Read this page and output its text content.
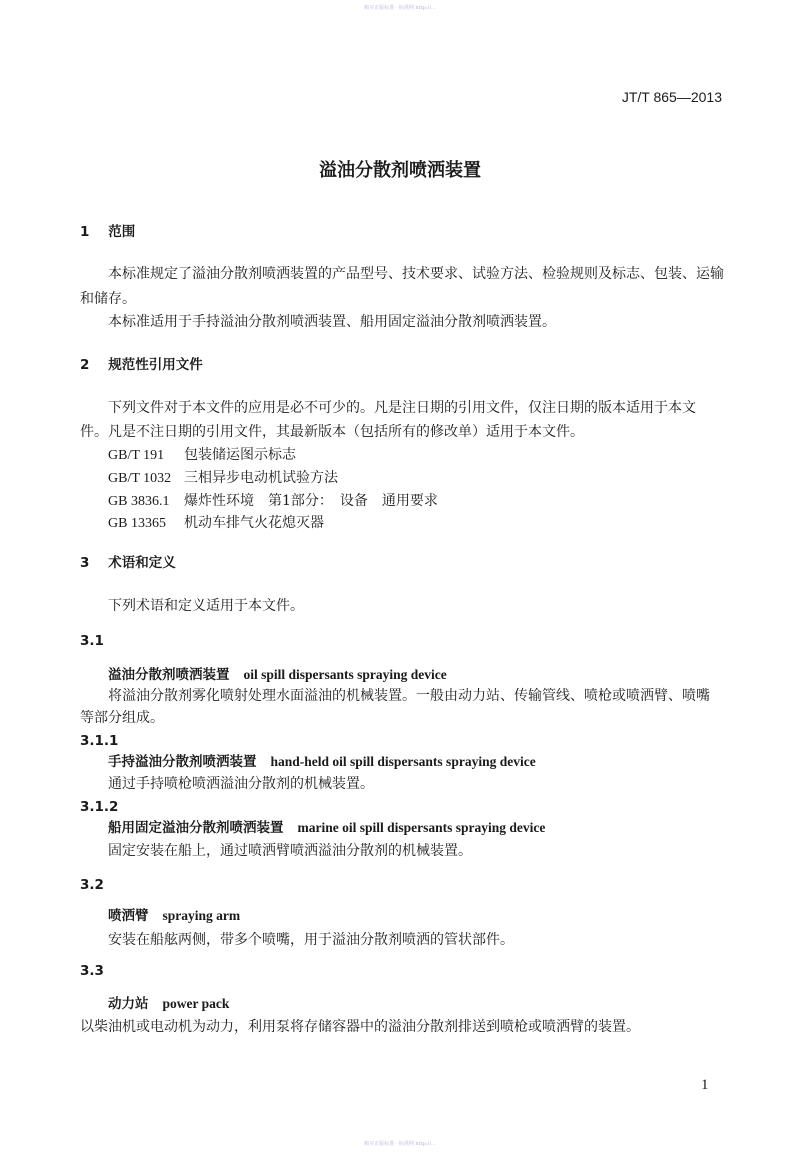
购买正版标准 · 标准网 http://…
JT/T 865—2013
溢油分散剂喷洒装置
1 范围
本标准规定了溢油分散剂喷洒装置的产品型号、技术要求、试验方法、检验规则及标志、包装、运输
和储存。
本标准适用于手持溢油分散剂喷洒装置、船用固定溢油分散剂喷洒装置。
2 规范性引用文件
下列文件对于本文件的应用是必不可少的。凡是注日期的引用文件，仅注日期的版本适用于本文
件。凡是不注日期的引用文件，其最新版本（包括所有的修改单）适用于本文件。
GB/T 191 包装储运图示标志
GB/T 1032 三相异步电动机试验方法
GB 3836.1 爆炸性环境　第1部分：　设备　通用要求
GB 13365 机动车排气火花熄灭器
3 术语和定义
下列术语和定义适用于本文件。
3.1
溢油分散剂喷洒装置 oil spill dispersants spraying device
将溢油分散剂雾化喷射处理水面溢油的机械装置。一般由动力站、传输管线、喷枪或喷洒臂、喷嘴
等部分组成。
3.1.1
手持溢油分散剂喷洒装置 hand-held oil spill dispersants spraying device
通过手持喷枪喷洒溢油分散剂的机械装置。
3.1.2
船用固定溢油分散剂喷洒装置 marine oil spill dispersants spraying device
固定安装在船上，通过喷洒臂喷洒溢油分散剂的机械装置。
3.2
喷洒臂 spraying arm
安装在船舷两侧，带多个喷嘴，用于溢油分散剂喷洒的管状部件。
3.3
动力站 power pack
以柴油机或电动机为动力，利用泵将存储容器中的溢油分散剂排送到喷枪或喷洒臂的装置。
1
购买正版标准 · 标准网 http://…
